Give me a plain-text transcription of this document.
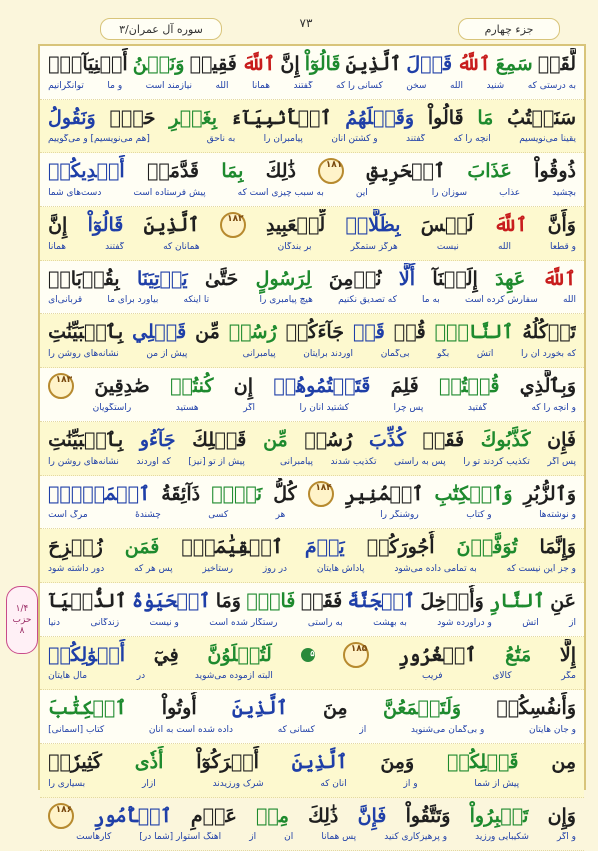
جزء چهارم
۷۳
سوره آل عمران/۳
۱/۴
حزب
۸
لَّقَدۡ
سَمِعَ
ٱللَّهُ
قَوۡلَ
ٱلَّذِينَ
قَالُوٓاْ
إِنَّ
ٱللَّهَ
فَقِيرٞ
وَنَحۡنُ
أَغۡنِيَآءُۘ
به درستی که
شنید
الله
سخن
کسانی را که
گفتند
همانا
الله
نیازمند است
و ما
توانگرانیم
سَنَكۡتُبُ
مَا
قَالُواْ
وَقَتۡلَهُمُ
ٱلۡأَنۢبِيَآءَ
بِغَيۡرِ
حَقّٖ
وَنَقُولُ
یقیناً می‌نویسیم
آنچه را که
گفتند
و کشتن آنان
پیامبران را
به ناحق
[هم می‌نویسیم] و می‌گوییم
ذُوقُواْ
عَذَابَ
ٱلۡحَرِيقِ
۱۸۱
ذَٰلِكَ
بِمَا
قَدَّمَتۡ
أَيۡدِيكُمۡ
بچشید
عذاب
سوزان را
این
به سبب چیزی است که
پیش فرستاده است
دست‌های شما
وَأَنَّ
ٱللَّهَ
لَيۡسَ
بِظَلَّامٖ
لِّلۡعَبِيدِ
۱۸۲
ٱلَّذِينَ
قَالُوٓاْ
إِنَّ
و قطعاً
الله
نیست
هرگز ستمگر
بر بندگان
همانان که
گفتند
همانا
ٱللَّهَ
عَهِدَ
إِلَيۡنَآ
أَلَّا
نُؤۡمِنَ
لِرَسُولٍ
حَتَّىٰ
يَأۡتِيَنَا
بِقُرۡبَانٖ
الله
سفارش کرده است
به ما
که تصدیق نکنیم
هیچ پیامبری را
تا اینکه
بیاورد برای ما
قربانی‌ای
تَأۡكُلُهُ
ٱلنَّارُۗ
قُلۡ
قَدۡ
جَآءَكُمۡ
رُسُلٞ
مِّن
قَبۡلِي
بِٱلۡبَيِّنَٰتِ
که بخورد آن را
آتش
بگو
بی‌گمان
آوردند برایتان
پیامبرانی
پیش از من
نشانه‌های روشن را
وَبِٱلَّذِي
قُلۡتُمۡ
فَلِمَ
قَتَلۡتُمُوهُمۡ
إِن
كُنتُمۡ
صَٰدِقِينَ
۱۸۳
و آنچه را که
گفتید
پس چرا
کشتید آنان را
اگر
هستید
راستگویان
فَإِن
كَذَّبُوكَ
فَقَدۡ
كُذِّبَ
رُسُلٞ
مِّن
قَبۡلِكَ
جَآءُو
بِٱلۡبَيِّنَٰتِ
پس اگر
تکذیب کردند تو را
پس به راستی
تکذیب شدند
پیامبرانی
پیش از تو [نیز]
که آوردند
نشانه‌های روشن را
وَٱلزُّبُرِ
وَٱلۡكِتَٰبِ
ٱلۡمُنِيرِ
۱۸۴
كُلُّ
نَفۡسٖ
ذَآئِقَةُ
ٱلۡمَوۡتِۗ
و نوشته‌ها
و کتاب
روشنگر را
هر
کسی
چشندهٔ
مرگ است
وَإِنَّمَا
تُوَفَّوۡنَ
أُجُورَكُمۡ
يَوۡمَ
ٱلۡقِيَٰمَةِۖ
فَمَن
زُحۡزِحَ
و جز این نیست که
به تمامی داده می‌شود
پاداش هایتان
در روز
رستاخیز
پس هر که
دور داشته شود
عَنِ
ٱلنَّارِ
وَأُدۡخِلَ
ٱلۡجَنَّةَ
فَقَدۡ
فَازَۗ
وَمَا
ٱلۡحَيَوٰةُ
ٱلدُّنۡيَآ
از
آتش
و درآورده شود
به بهشت
به راستی
رستگار شده است
و نیست
زندگانی
دنیا
إِلَّا
مَتَٰعُ
ٱلۡغُرُورِ
۱۸۵
۵
لَتُبۡلَوُنَّ
فِيٓ
أَمۡوَٰلِكُمۡ
مگر
کالای
فریب
البته آزموده می‌شوید
در
مال هایتان
وَأَنفُسِكُمۡ
وَلَتَسۡمَعُنَّ
مِنَ
ٱلَّذِينَ
أُوتُواْ
ٱلۡكِتَٰبَ
و جان هایتان
و بی‌گمان می‌شنوید
از
کسانی که
داده شده است به آنان
کتاب [آسمانی]
مِن
قَبۡلِكُمۡ
وَمِنَ
ٱلَّذِينَ
أَشۡرَكُوٓاْ
أَذٗى
كَثِيرٗاۚ
پیش از شما
و از
آنان که
شرک ورزیدند
آزار
بسیاری را
وَإِن
تَصۡبِرُواْ
وَتَتَّقُواْ
فَإِنَّ
ذَٰلِكَ
مِنۡ
عَزۡمِ
ٱلۡأُمُورِ
۱۸۶
و اگر
شکیبایی ورزید
و پرهیزکاری کنید
پس همانا
آن
از
آهنگ استوار [شما در]
کارهاست
